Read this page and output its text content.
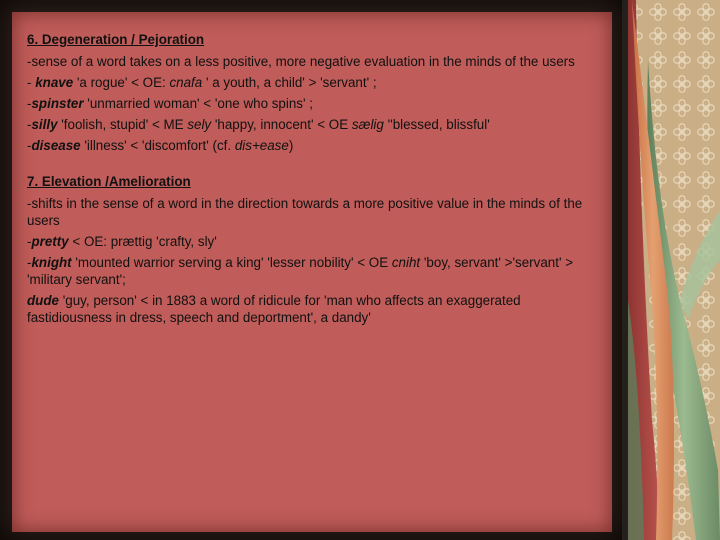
6. Degeneration / Pejoration
-sense of a word takes on a less positive, more negative evaluation in the minds of the users
- knave 'a rogue' < OE: cnafa ' a youth, a child' > 'servant' ;
-spinster 'unmarried woman' < 'one who spins' ;
-silly 'foolish, stupid' < ME sely 'happy, innocent' < OE sælig ''blessed, blissful'
-disease 'illness' < 'discomfort' (cf. dis+ease)
7. Elevation /Amelioration
-shifts in the sense of a word in the direction towards a more positive value in the minds of the users
-pretty < OE: prættig 'crafty, sly'
-knight 'mounted warrior serving a king' 'lesser nobility' < OE cniht 'boy, servant' >'servant' > 'military servant';
dude 'guy, person' < in 1883 a word of ridicule for 'man who affects an exaggerated fastidiousness in dress, speech and deportment', a dandy'
